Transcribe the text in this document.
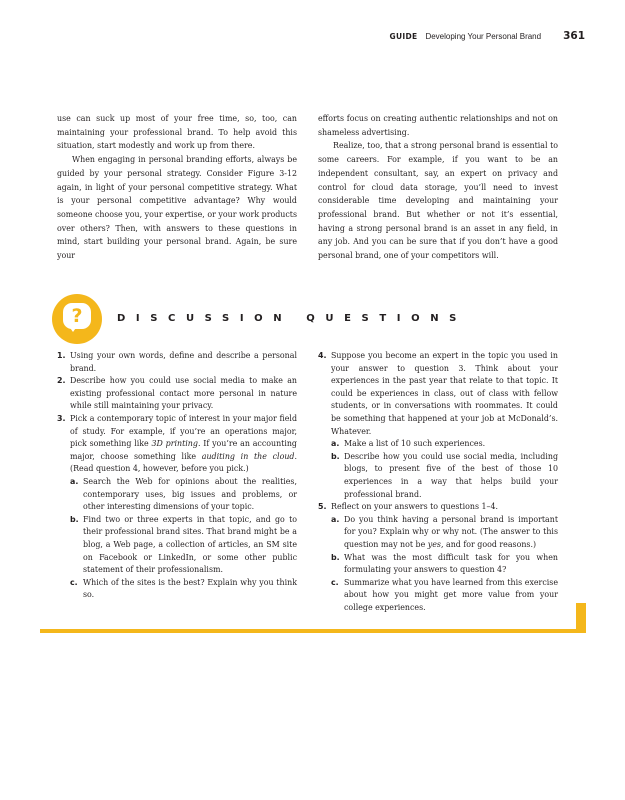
GUIDE Developing Your Personal Brand 361

use can suck up most of your free time, so, too, can maintaining your professional brand. To help avoid this situation, start modestly and work up from there.

When engaging in personal branding efforts, always be guided by your personal strategy. Consider Figure 3-12 again, in light of your personal competitive strategy. What is your personal competitive advantage? Why would someone choose you, your expertise, or your work products over others? Then, with answers to these questions in mind, start building your personal brand. Again, be sure your

efforts focus on creating authentic relationships and not on shameless advertising.

Realize, too, that a strong personal brand is essential to some careers. For example, if you want to be an independent consultant, say, an expert on privacy and control for cloud data storage, you’ll need to invest considerable time developing and maintaining your professional brand. But whether or not it’s essential, having a strong personal brand is an asset in any field, in any job. And you can be sure that if you don’t have a good personal brand, one of your competitors will.

?	DISCUSSION QUESTIONS
1. Using your own words, define and describe a personal brand.
2. Describe how you could use social media to make an existing professional contact more personal in nature while still maintaining your privacy.
3. Pick a contemporary topic of interest in your major field of study. For example, if you’re an operations major, pick something like 3D printing. If you’re an accounting major, choose something like auditing in the cloud. (Read question 4, however, before you pick.)
a. Search the Web for opinions about the realities, contemporary uses, big issues and problems, or other interesting dimensions of your topic.
b. Find two or three experts in that topic, and go to their professional brand sites. That brand might be a blog, a Web page, a collection of articles, an SM site on Facebook or LinkedIn, or some other public statement of their professionalism.
c. Which of the sites is the best? Explain why you think so.
4. Suppose you become an expert in the topic you used in your answer to question 3. Think about your experiences in the past year that relate to that topic. It could be experiences in class, out of class with fellow students, or in conversations with roommates. It could be something that happened at your job at McDonald’s. Whatever.
a. Make a list of 10 such experiences.
b. Describe how you could use social media, including blogs, to present five of the best of those 10 experiences in a way that helps build your professional brand.
5. Reflect on your answers to questions 1–4.
a. Do you think having a personal brand is important for you? Explain why or why not. (The answer to this question may not be yes, and for good reasons.)
b. What was the most difficult task for you when formulating your answers to question 4?
c. Summarize what you have learned from this exercise about how you might get more value from your college experiences.
